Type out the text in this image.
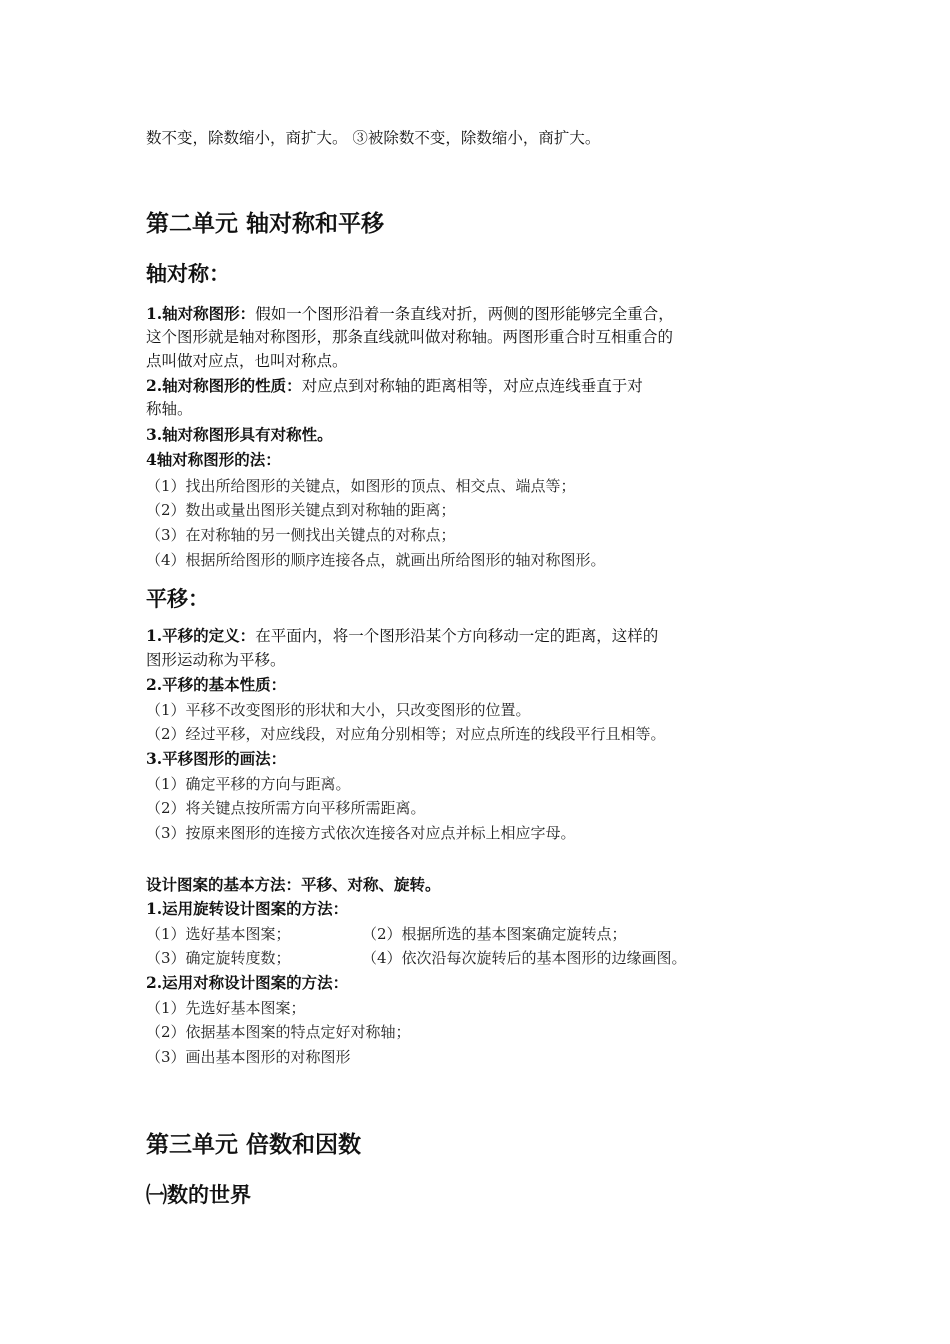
数不变，除数缩小，商扩大。 ③被除数不变，除数缩小，商扩大。
第二单元 轴对称和平移
轴对称：
1.轴对称图形：假如一个图形沿着一条直线对折，两侧的图形能够完全重合，
这个图形就是轴对称图形，那条直线就叫做对称轴。两图形重合时互相重合的
点叫做对应点，也叫对称点。
2.轴对称图形的性质：对应点到对称轴的距离相等，对应点连线垂直于对
称轴。
3.轴对称图形具有对称性。
4轴对称图形的法：
（1）找出所给图形的关键点，如图形的顶点、相交点、端点等；
（2）数出或量出图形关键点到对称轴的距离；
（3）在对称轴的另一侧找出关键点的对称点；
（4）根据所给图形的顺序连接各点，就画出所给图形的轴对称图形。
平移：
1.平移的定义：在平面内，将一个图形沿某个方向移动一定的距离，这样的
图形运动称为平移。
2.平移的基本性质：
（1）平移不改变图形的形状和大小，只改变图形的位置。
（2）经过平移，对应线段，对应角分别相等；对应点所连的线段平行且相等。
3.平移图形的画法：
（1）确定平移的方向与距离。
（2）将关键点按所需方向平移所需距离。
（3）按原来图形的连接方式依次连接各对应点并标上相应字母。
设计图案的基本方法：平移、对称、旋转。
1.运用旋转设计图案的方法：
（1）选好基本图案；	（2）根据所选的基本图案确定旋转点；
（3）确定旋转度数；	（4）依次沿每次旋转后的基本图形的边缘画图。
2.运用对称设计图案的方法：
（1）先选好基本图案；
（2）依据基本图案的特点定好对称轴；
（3）画出基本图形的对称图形
第三单元 倍数和因数
㈠数的世界
